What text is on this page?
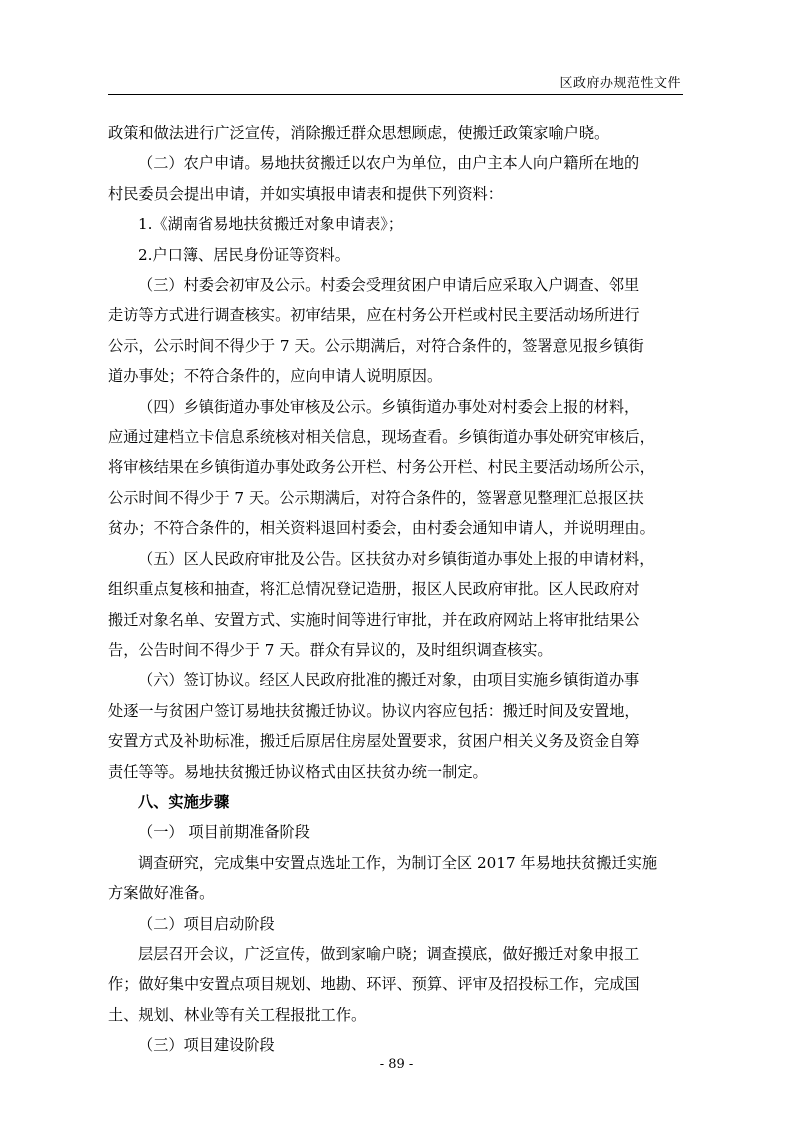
区政府办规范性文件

政策和做法进行广泛宣传，消除搬迁群众思想顾虑，使搬迁政策家喻户晓。

（二）农户申请。易地扶贫搬迁以农户为单位，由户主本人向户籍所在地的

村民委员会提出申请，并如实填报申请表和提供下列资料：

1.《湖南省易地扶贫搬迁对象申请表》；

2.户口簿、居民身份证等资料。

（三）村委会初审及公示。村委会受理贫困户申请后应采取入户调查、邻里

走访等方式进行调查核实。初审结果，应在村务公开栏或村民主要活动场所进行

公示，公示时间不得少于 7 天。公示期满后，对符合条件的，签署意见报乡镇街

道办事处；不符合条件的，应向申请人说明原因。

（四）乡镇街道办事处审核及公示。乡镇街道办事处对村委会上报的材料，

应通过建档立卡信息系统核对相关信息，现场查看。乡镇街道办事处研究审核后，

将审核结果在乡镇街道办事处政务公开栏、村务公开栏、村民主要活动场所公示，

公示时间不得少于 7 天。公示期满后，对符合条件的，签署意见整理汇总报区扶

贫办；不符合条件的，相关资料退回村委会，由村委会通知申请人，并说明理由。

（五）区人民政府审批及公告。区扶贫办对乡镇街道办事处上报的申请材料，

组织重点复核和抽查，将汇总情况登记造册，报区人民政府审批。区人民政府对

搬迁对象名单、安置方式、实施时间等进行审批，并在政府网站上将审批结果公

告，公告时间不得少于 7 天。群众有异议的，及时组织调查核实。

（六）签订协议。经区人民政府批准的搬迁对象，由项目实施乡镇街道办事

处逐一与贫困户签订易地扶贫搬迁协议。协议内容应包括：搬迁时间及安置地，

安置方式及补助标准，搬迁后原居住房屋处置要求，贫困户相关义务及资金自筹

责任等等。易地扶贫搬迁协议格式由区扶贫办统一制定。

八、实施步骤

（一） 项目前期准备阶段

调查研究，完成集中安置点选址工作，为制订全区 2017 年易地扶贫搬迁实施

方案做好准备。

（二）项目启动阶段

层层召开会议，广泛宣传，做到家喻户晓；调查摸底，做好搬迁对象申报工

作；做好集中安置点项目规划、地勘、环评、预算、评审及招投标工作，完成国

土、规划、林业等有关工程报批工作。

（三）项目建设阶段

- 89 -
